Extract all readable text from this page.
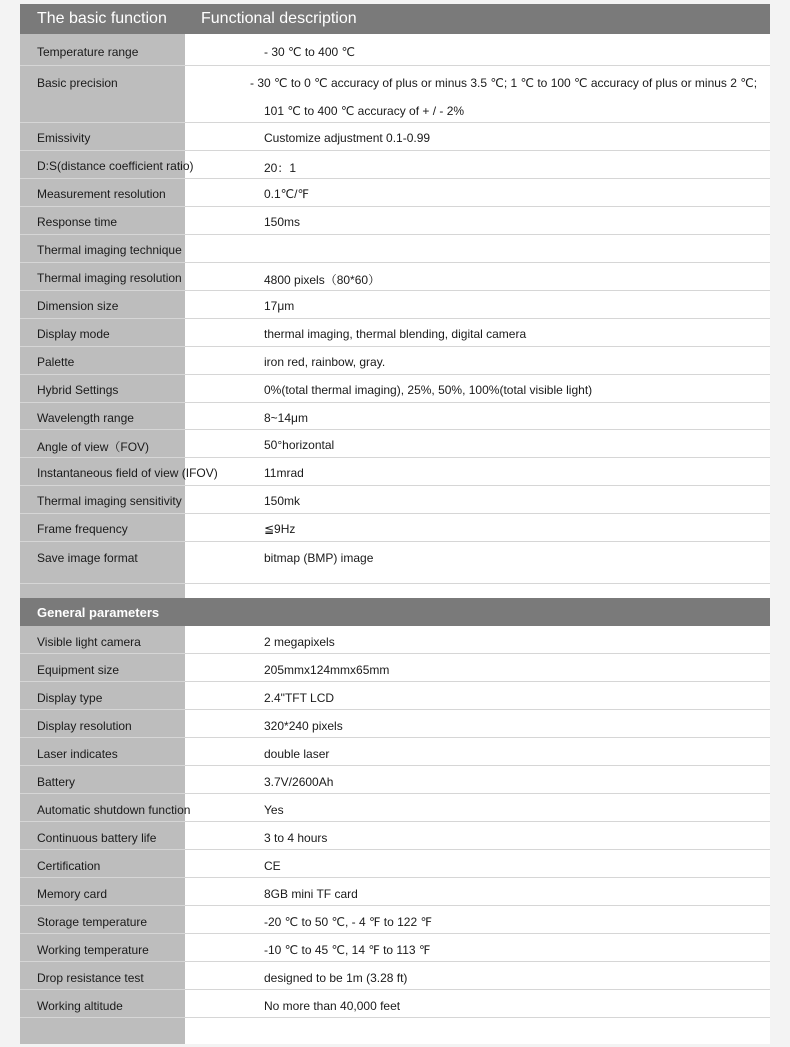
The basic function Functional description
Temperature range	- 30 ℃ to 400 ℃
Basic precision	- 30 ℃ to 0 ℃ accuracy of plus or minus 3.5 ℃; 1 ℃ to 100 ℃ accuracy of plus or minus 2 ℃;
101 ℃ to 400 ℃ accuracy of + / - 2%
Emissivity	Customize adjustment 0.1-0.99
D:S(distance coefficient ratio)	20：1
Measurement resolution	0.1℃/℉
Response time	150ms
Thermal imaging technique
Thermal imaging resolution	4800 pixels（80*60）
Dimension size	17μm
Display mode	thermal imaging, thermal blending, digital camera
Palette	iron red, rainbow, gray.
Hybrid Settings	0%(total thermal imaging), 25%, 50%, 100%(total visible light)
Wavelength range	8~14μm
Angle of view（FOV)	50°horizontal
Instantaneous field of view (IFOV)	11mrad
Thermal imaging sensitivity	150mk
Frame frequency	≦9Hz
Save image format	bitmap (BMP) image
General parameters
Visible light camera	2 megapixels
Equipment size	205mmx124mmx65mm
Display type	2.4"TFT LCD
Display resolution	320*240 pixels
Laser indicates	double laser
Battery	3.7V/2600Ah
Automatic shutdown function	Yes
Continuous battery life	3 to 4 hours
Certification	CE
Memory card	8GB mini TF card
Storage temperature	-20 ℃ to 50 ℃, - 4 ℉ to 122 ℉
Working temperature	-10 ℃ to 45 ℃, 14 ℉ to 113 ℉
Drop resistance test	designed to be 1m (3.28 ft)
Working altitude	No more than 40,000 feet
